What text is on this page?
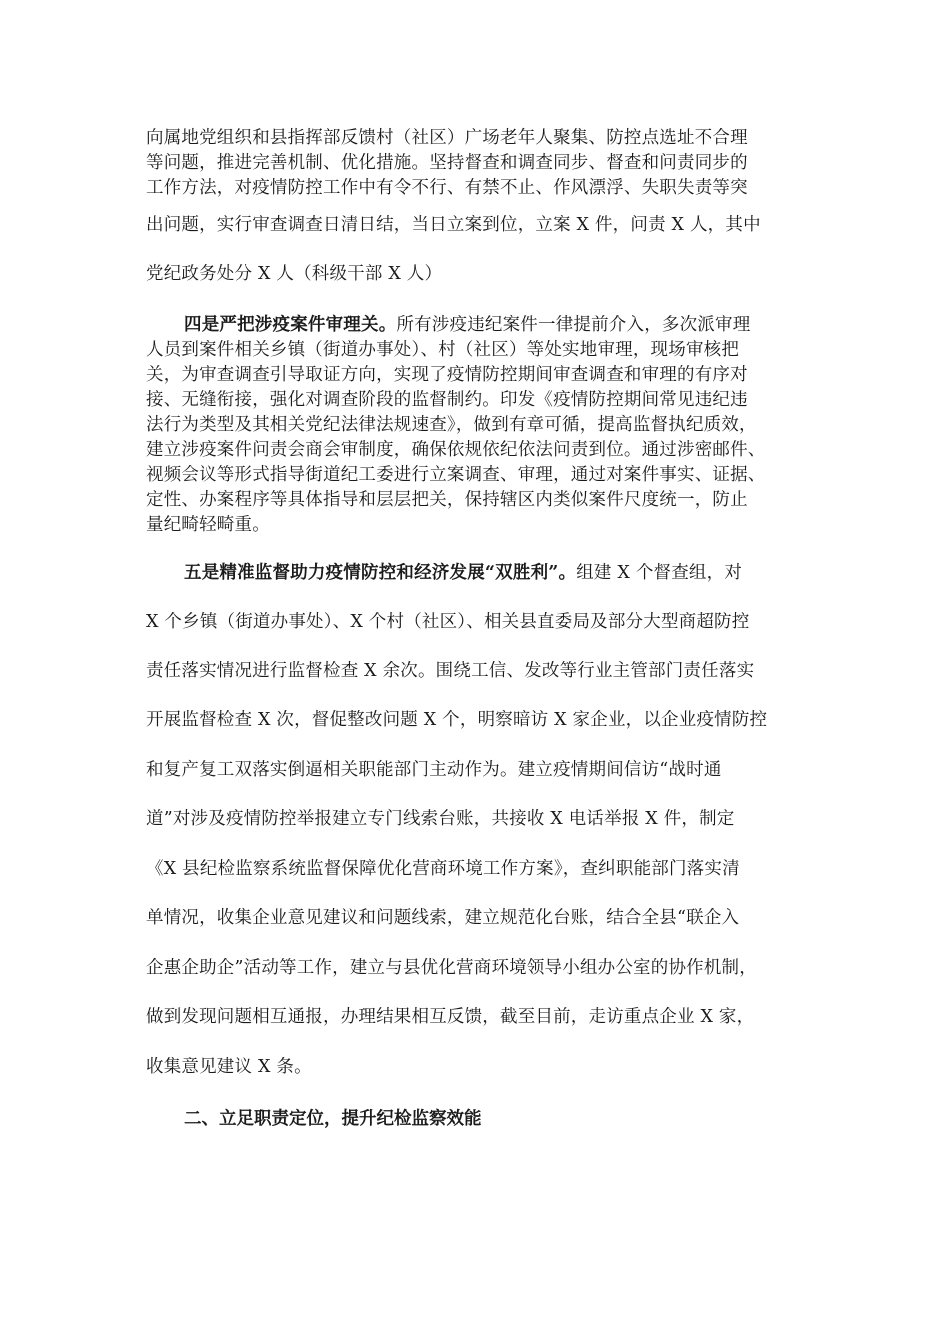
向属地党组织和县指挥部反馈村（社区）广场老年人聚集、防控点选址不合理
等问题，推进完善机制、优化措施。坚持督查和调查同步、督查和问责同步的
工作方法，对疫情防控工作中有令不行、有禁不止、作风漂浮、失职失责等突
出问题，实行审查调查日清日结，当日立案到位，立案 X 件，问责 X 人，其中
党纪政务处分 X 人（科级干部 X 人）
四是严把涉疫案件审理关。所有涉疫违纪案件一律提前介入，多次派审理
人员到案件相关乡镇（街道办事处）、村（社区）等处实地审理，现场审核把
关，为审查调查引导取证方向，实现了疫情防控期间审查调查和审理的有序对
接、无缝衔接，强化对调查阶段的监督制约。印发《疫情防控期间常见违纪违
法行为类型及其相关党纪法律法规速查》，做到有章可循，提高监督执纪质效，
建立涉疫案件问责会商会审制度，确保依规依纪依法问责到位。通过涉密邮件、
视频会议等形式指导街道纪工委进行立案调查、审理，通过对案件事实、证据、
定性、办案程序等具体指导和层层把关，保持辖区内类似案件尺度统一，防止
量纪畸轻畸重。
五是精准监督助力疫情防控和经济发展“双胜利”。组建 X 个督查组，对
X 个乡镇（街道办事处）、X 个村（社区）、相关县直委局及部分大型商超防控
责任落实情况进行监督检查 X 余次。围绕工信、发改等行业主管部门责任落实
开展监督检查 X 次，督促整改问题 X 个，明察暗访 X 家企业，以企业疫情防控
和复产复工双落实倒逼相关职能部门主动作为。建立疫情期间信访“战时通
道”对涉及疫情防控举报建立专门线索台账，共接收 X 电话举报 X 件，制定
《X 县纪检监察系统监督保障优化营商环境工作方案》，查纠职能部门落实清
单情况，收集企业意见建议和问题线索，建立规范化台账，结合全县“联企入
企惠企助企”活动等工作，建立与县优化营商环境领导小组办公室的协作机制，
做到发现问题相互通报，办理结果相互反馈，截至目前，走访重点企业 X 家，
收集意见建议 X 条。
二、立足职责定位，提升纪检监察效能
